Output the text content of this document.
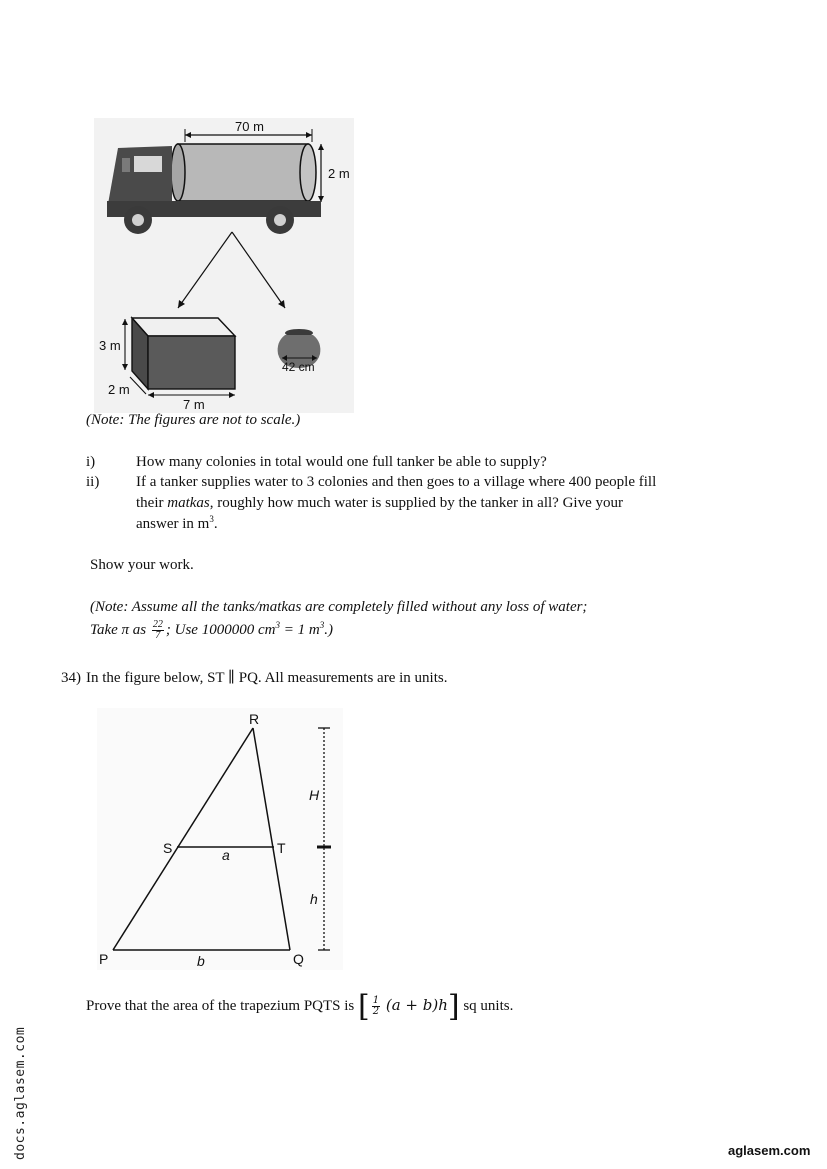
70 m
2 m
3 m
2 m
7 m
42 cm
(Note: The figures are not to scale.)
i)	How many colonies in total would one full tanker be able to supply?
ii) If a tanker supplies water to 3 colonies and then goes to a village where 400 people fill
their matkas, roughly how much water is supplied by the tanker in all? Give your
answer in $m^3$.
Show your work.
(Note: Assume all the tanks/matkas are completely filled without any loss of water;
Take π as $\frac{22}{7}$ ; Use 1000000 $cm^3 = 1$ $m^3$.)
34) In the figure below, ST ∥ PQ. All measurements are in units.
R
S	T
P	Q
a
b
H
h
Prove that the area of the trapezium PQTS is [ $\frac{1}{2} (a + b)h$] sq units.
docs.aglasem.com	aglasem.com
